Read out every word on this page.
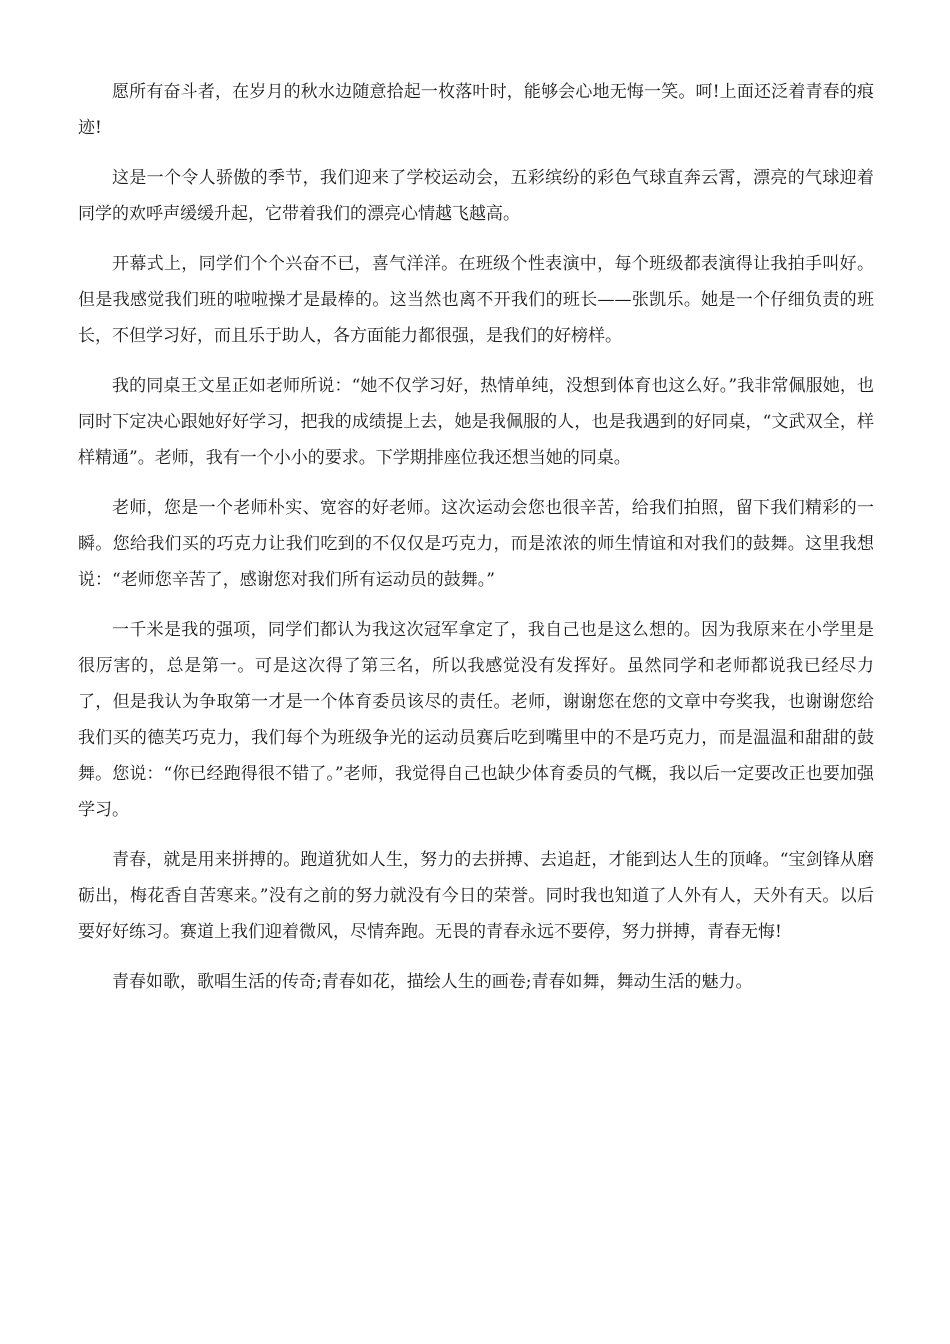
愿所有奋斗者，在岁月的秋水边随意拾起一枚落叶时，能够会心地无悔一笑。呵!上面还泛着青春的痕迹!

这是一个令人骄傲的季节，我们迎来了学校运动会，五彩缤纷的彩色气球直奔云霄，漂亮的气球迎着同学的欢呼声缓缓升起，它带着我们的漂亮心情越飞越高。

开幕式上，同学们个个兴奋不已，喜气洋洋。在班级个性表演中，每个班级都表演得让我拍手叫好。但是我感觉我们班的啦啦操才是最棒的。这当然也离不开我们的班长——张凯乐。她是一个仔细负责的班长，不但学习好，而且乐于助人，各方面能力都很强，是我们的好榜样。

我的同桌王文星正如老师所说：“她不仅学习好，热情单纯，没想到体育也这么好。”我非常佩服她，也同时下定决心跟她好好学习，把我的成绩提上去，她是我佩服的人，也是我遇到的好同桌，“文武双全，样样精通”。老师，我有一个小小的要求。下学期排座位我还想当她的同桌。

老师，您是一个老师朴实、宽容的好老师。这次运动会您也很辛苦，给我们拍照，留下我们精彩的一瞬。您给我们买的巧克力让我们吃到的不仅仅是巧克力，而是浓浓的师生情谊和对我们的鼓舞。这里我想说：“老师您辛苦了，感谢您对我们所有运动员的鼓舞。”

一千米是我的强项，同学们都认为我这次冠军拿定了，我自己也是这么想的。因为我原来在小学里是很厉害的，总是第一。可是这次得了第三名，所以我感觉没有发挥好。虽然同学和老师都说我已经尽力了，但是我认为争取第一才是一个体育委员该尽的责任。老师，谢谢您在您的文章中夸奖我，也谢谢您给我们买的德芙巧克力，我们每个为班级争光的运动员赛后吃到嘴里中的不是巧克力，而是温温和甜甜的鼓舞。您说：“你已经跑得很不错了。”老师，我觉得自己也缺少体育委员的气概，我以后一定要改正也要加强学习。

青春，就是用来拼搏的。跑道犹如人生，努力的去拼搏、去追赶，才能到达人生的顶峰。“宝剑锋从磨砺出，梅花香自苦寒来。”没有之前的努力就没有今日的荣誉。同时我也知道了人外有人，天外有天。以后要好好练习。赛道上我们迎着微风，尽情奔跑。无畏的青春永远不要停，努力拼搏，青春无悔!

青春如歌，歌唱生活的传奇;青春如花，描绘人生的画卷;青春如舞，舞动生活的魅力。
